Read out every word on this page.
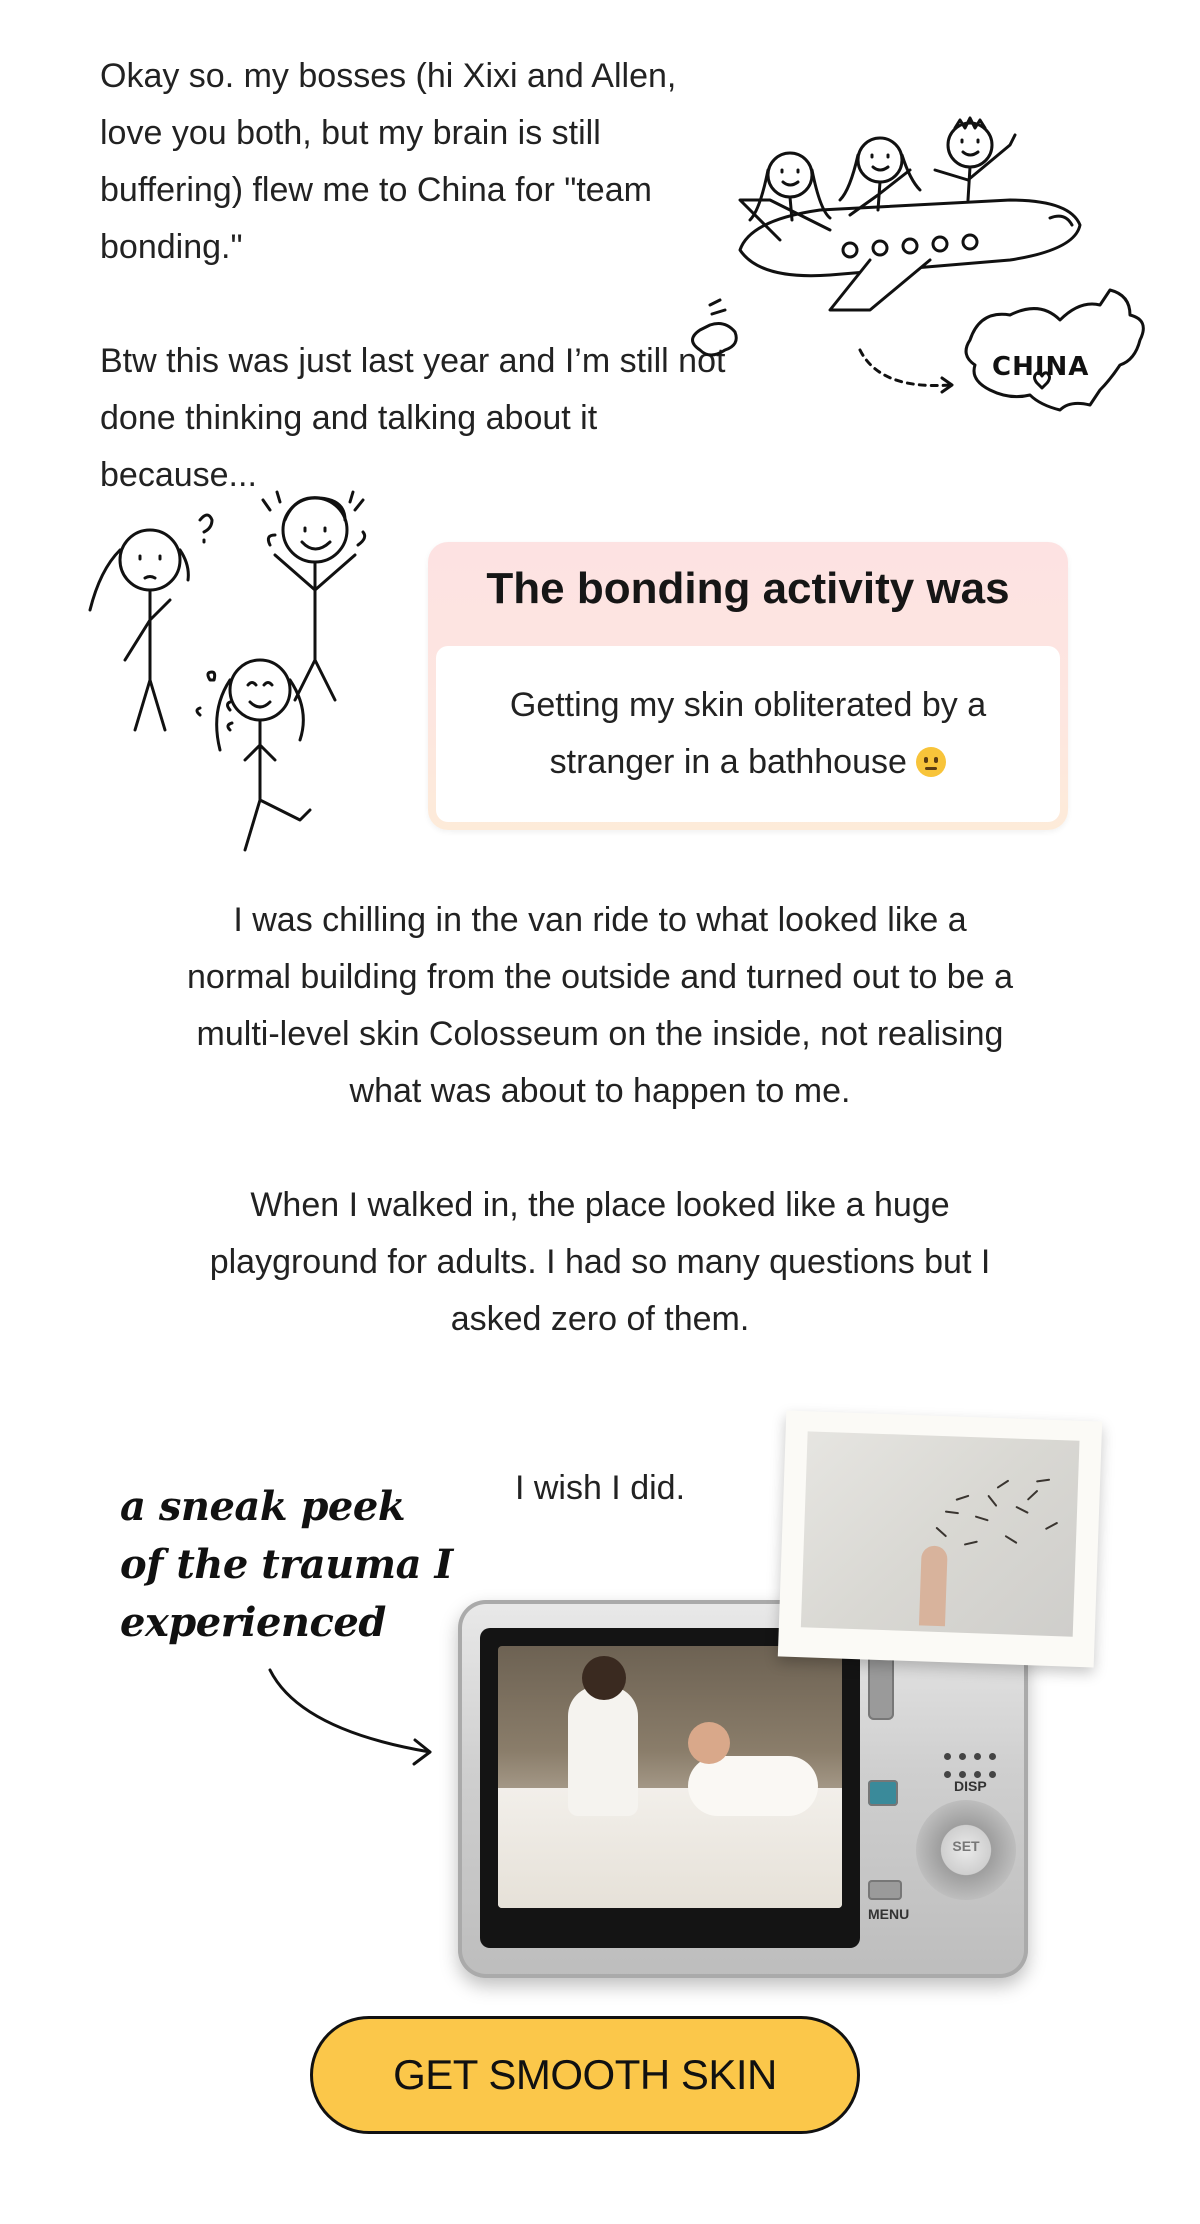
Okay so. my bosses (hi Xixi and Allen, love you both, but my brain is still buffering) flew me to China for "team bonding."

Btw this was just last year and I’m still not done thinking and talking about it because...

CHINA
The bonding activity was
Getting my skin obliterated by a stranger in a bathhouse

I was chilling in the van ride to what looked like a normal building from the outside and turned out to be a multi-level skin Colosseum on the inside, not realising what was about to happen to me.

When I walked in, the place looked like a huge playground for adults. I had so many questions but I asked zero of them.

I wish I did.
a sneak peek
of the trauma I
experienced
DISP
SET
MENU
GET SMOOTH SKIN
